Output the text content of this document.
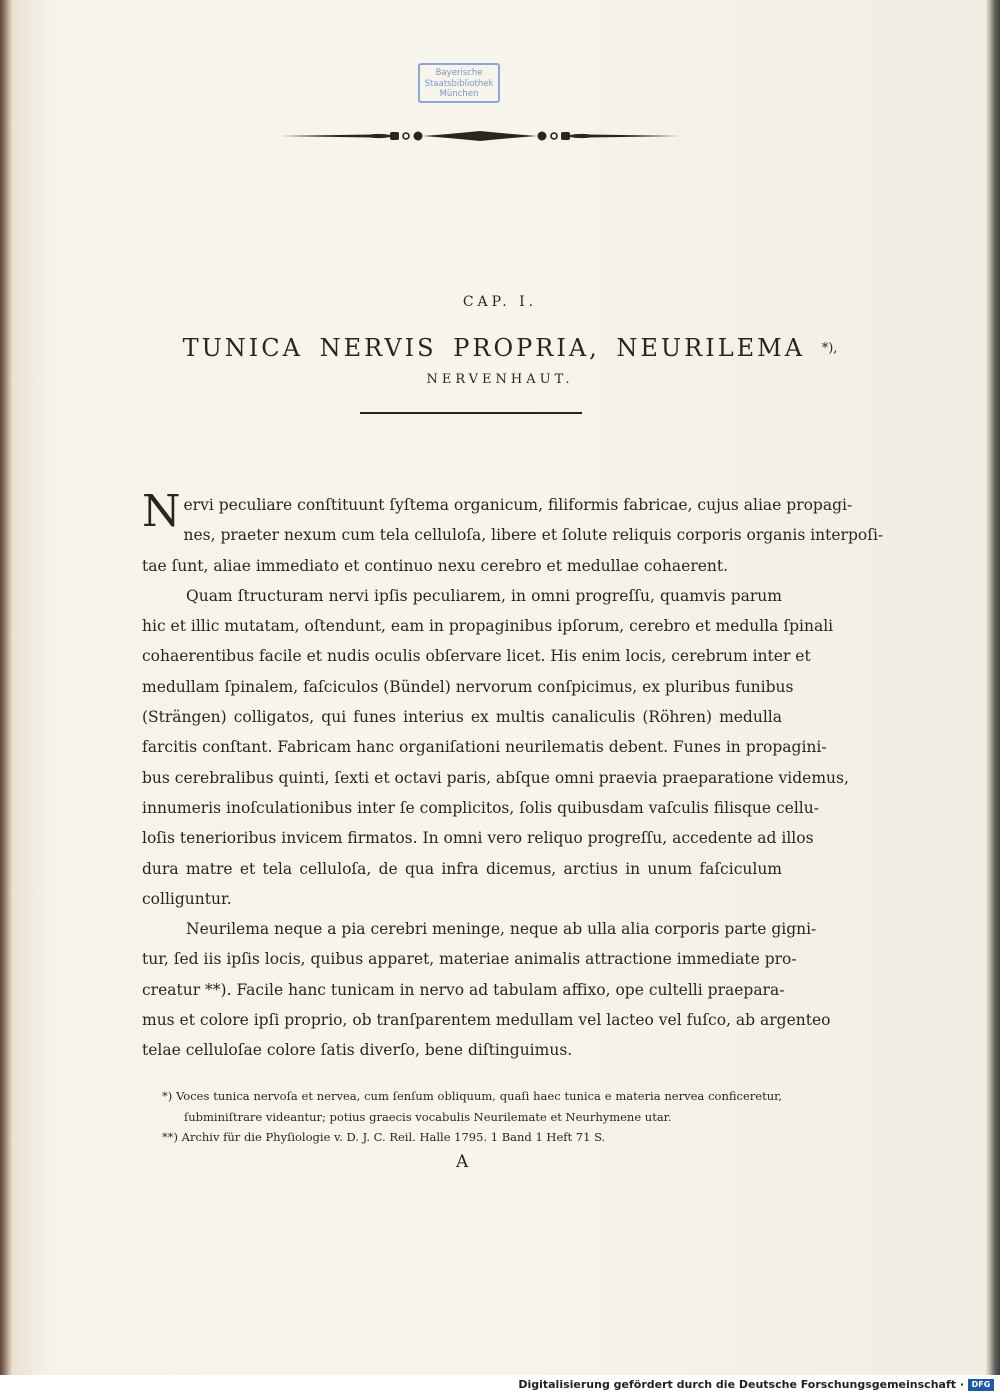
Bayerische
Staatsbibliothek
München
CAP. I.
TUNICA NERVIS PROPRIA, NEURILEMA *),
NERVENHAUT.
Nervi peculiare conſtituunt ſyſtema organicum, filiformis fabricae, cujus aliae propagi-
nes, praeter nexum cum tela celluloſa, libere et ſolute reliquis corporis organis interpoſi-
tae ſunt, aliae immediato et continuo nexu cerebro et medullae cohaerent.
Quam ſtructuram nervi ipſis peculiarem, in omni progreſſu, quamvis parum
hic et illic mutatam, oſtendunt, eam in propaginibus ipſorum, cerebro et medulla ſpinali
cohaerentibus facile et nudis oculis obſervare licet. His enim locis, cerebrum inter et
medullam ſpinalem, faſciculos (Bündel) nervorum conſpicimus, ex pluribus funibus
(Strängen) colligatos, qui funes interius ex multis canaliculis (Röhren) medulla
farcitis conſtant. Fabricam hanc organiſationi neurilematis debent. Funes in propagini-
bus cerebralibus quinti, ſexti et octavi paris, abſque omni praevia praeparatione videmus,
innumeris inoſculationibus inter ſe complicitos, ſolis quibusdam vaſculis filisque cellu-
loſis tenerioribus invicem firmatos. In omni vero reliquo progreſſu, accedente ad illos
dura matre et tela celluloſa, de qua infra dicemus, arctius in unum faſciculum
colliguntur.
Neurilema neque a pia cerebri meninge, neque ab ulla alia corporis parte gigni-
tur, ſed iis ipſis locis, quibus apparet, materiae animalis attractione immediate pro-
creatur **). Facile hanc tunicam in nervo ad tabulam affixo, ope cultelli praeparа-
mus et colore ipſi proprio, ob tranſparentem medullam vel lacteo vel fuſco, ab argenteo
telae celluloſae colore ſatis diverſo, bene diſtinguimus.
*) Voces tunica nervoſa et nervea, cum ſenſum obliquum, quaſi haec tunica e materia nervea conficeretur,
ſubminiſtrare videantur; potius graecis vocabulis Neurilemate et Neurhymene utar.
**) Archiv für die Phyſiologie v. D. J. C. Reil. Halle 1795. 1 Band 1 Heft 71 S.
A
Digitalisierung gefördert durch die Deutsche Forschungsgemeinschaft · DFG
